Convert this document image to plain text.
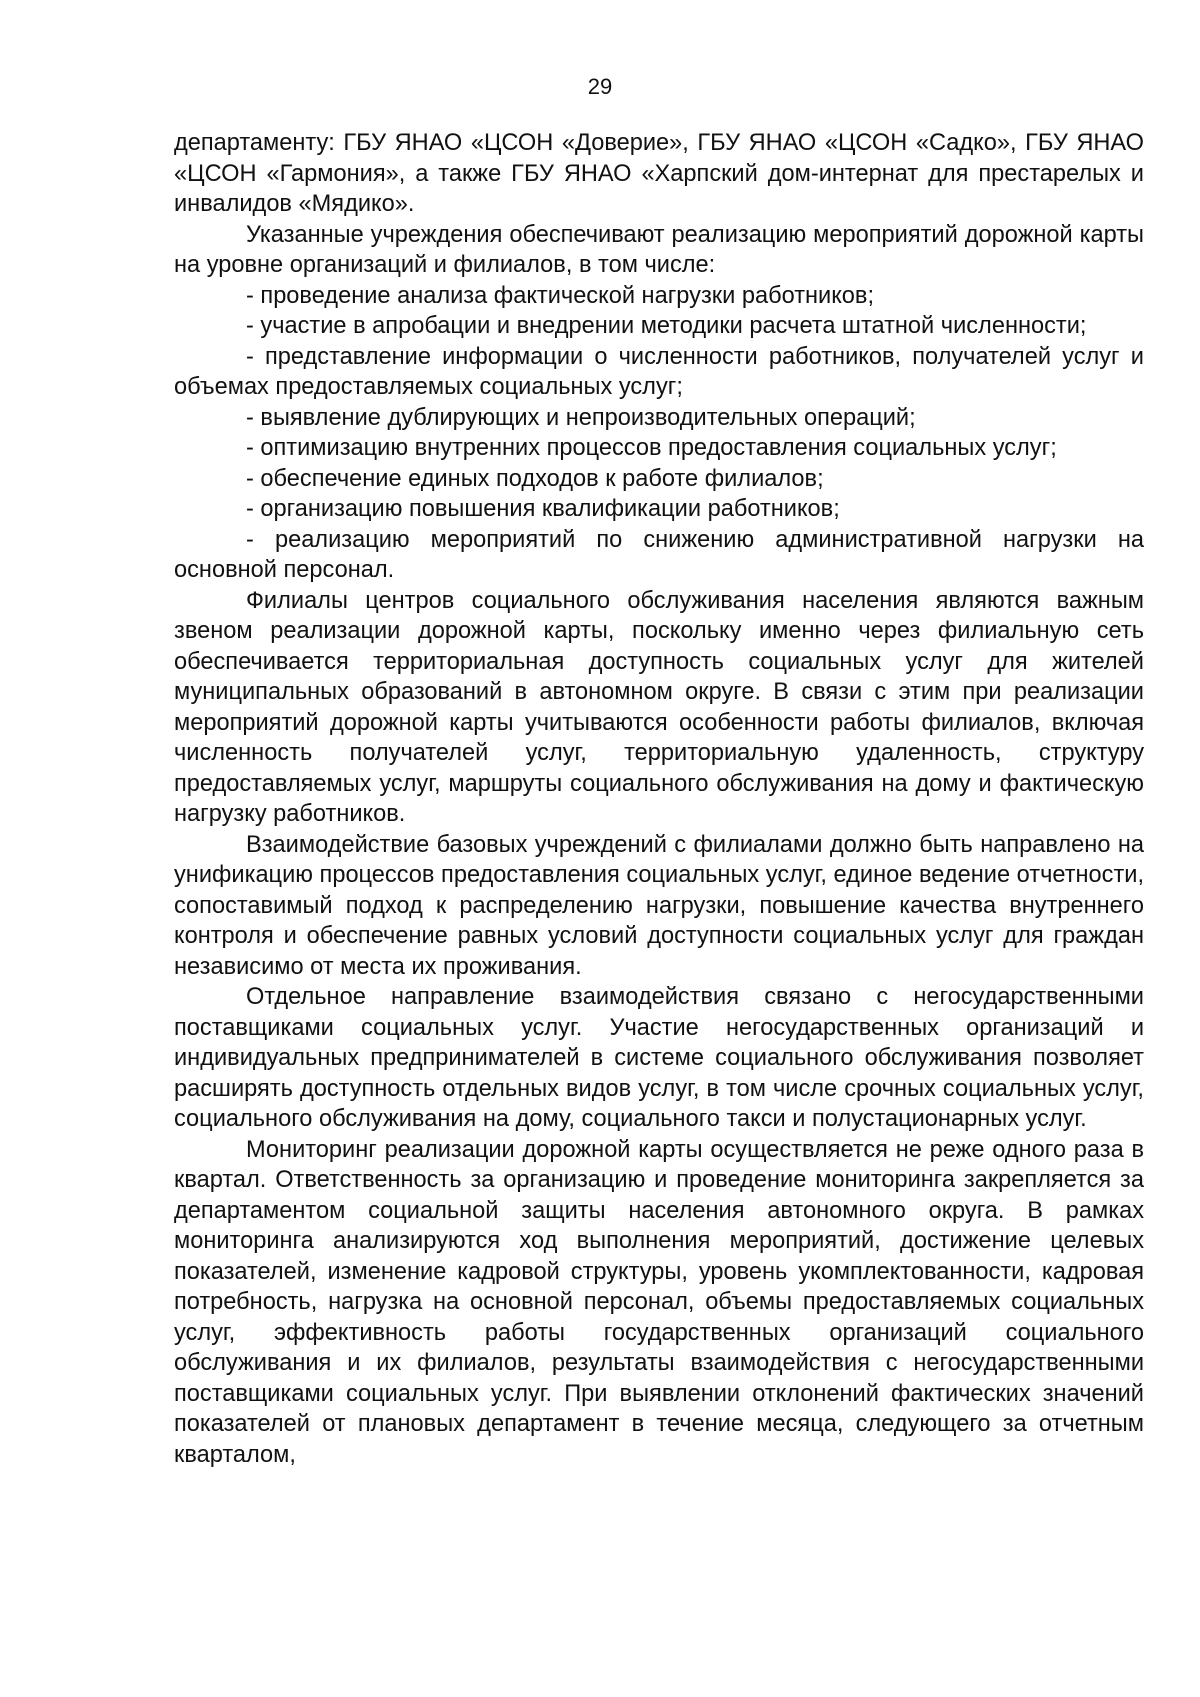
29

департаменту: ГБУ ЯНАО «ЦСОН «Доверие», ГБУ ЯНАО «ЦСОН «Садко», ГБУ ЯНАО «ЦСОН «Гармония», а также ГБУ ЯНАО «Харпский дом-интернат для престарелых и инвалидов «Мядико».

Указанные учреждения обеспечивают реализацию мероприятий дорожной карты на уровне организаций и филиалов, в том числе:

- проведение анализа фактической нагрузки работников;

- участие в апробации и внедрении методики расчета штатной численности;

- представление информации о численности работников, получателей услуг и объемах предоставляемых социальных услуг;

- выявление дублирующих и непроизводительных операций;

- оптимизацию внутренних процессов предоставления социальных услуг;

- обеспечение единых подходов к работе филиалов;

- организацию повышения квалификации работников;

- реализацию мероприятий по снижению административной нагрузки на основной персонал.

Филиалы центров социального обслуживания населения являются важным звеном реализации дорожной карты, поскольку именно через филиальную сеть обеспечивается территориальная доступность социальных услуг для жителей муниципальных образований в автономном округе. В связи с этим при реализации мероприятий дорожной карты учитываются особенности работы филиалов, включая численность получателей услуг, территориальную удаленность, структуру предоставляемых услуг, маршруты социального обслуживания на дому и фактическую нагрузку работников.

Взаимодействие базовых учреждений с филиалами должно быть направлено на унификацию процессов предоставления социальных услуг, единое ведение отчетности, сопоставимый подход к распределению нагрузки, повышение качества внутреннего контроля и обеспечение равных условий доступности социальных услуг для граждан независимо от места их проживания.

Отдельное направление взаимодействия связано с негосударственными поставщиками социальных услуг. Участие негосударственных организаций и индивидуальных предпринимателей в системе социального обслуживания позволяет расширять доступность отдельных видов услуг, в том числе срочных социальных услуг, социального обслуживания на дому, социального такси и полустационарных услуг.

Мониторинг реализации дорожной карты осуществляется не реже одного раза в квартал. Ответственность за организацию и проведение мониторинга закрепляется за департаментом социальной защиты населения автономного округа. В рамках мониторинга анализируются ход выполнения мероприятий, достижение целевых показателей, изменение кадровой структуры, уровень укомплектованности, кадровая потребность, нагрузка на основной персонал, объемы предоставляемых социальных услуг, эффективность работы государственных организаций социального обслуживания и их филиалов, результаты взаимодействия с негосударственными поставщиками социальных услуг. При выявлении отклонений фактических значений показателей от плановых департамент в течение месяца, следующего за отчетным кварталом,
